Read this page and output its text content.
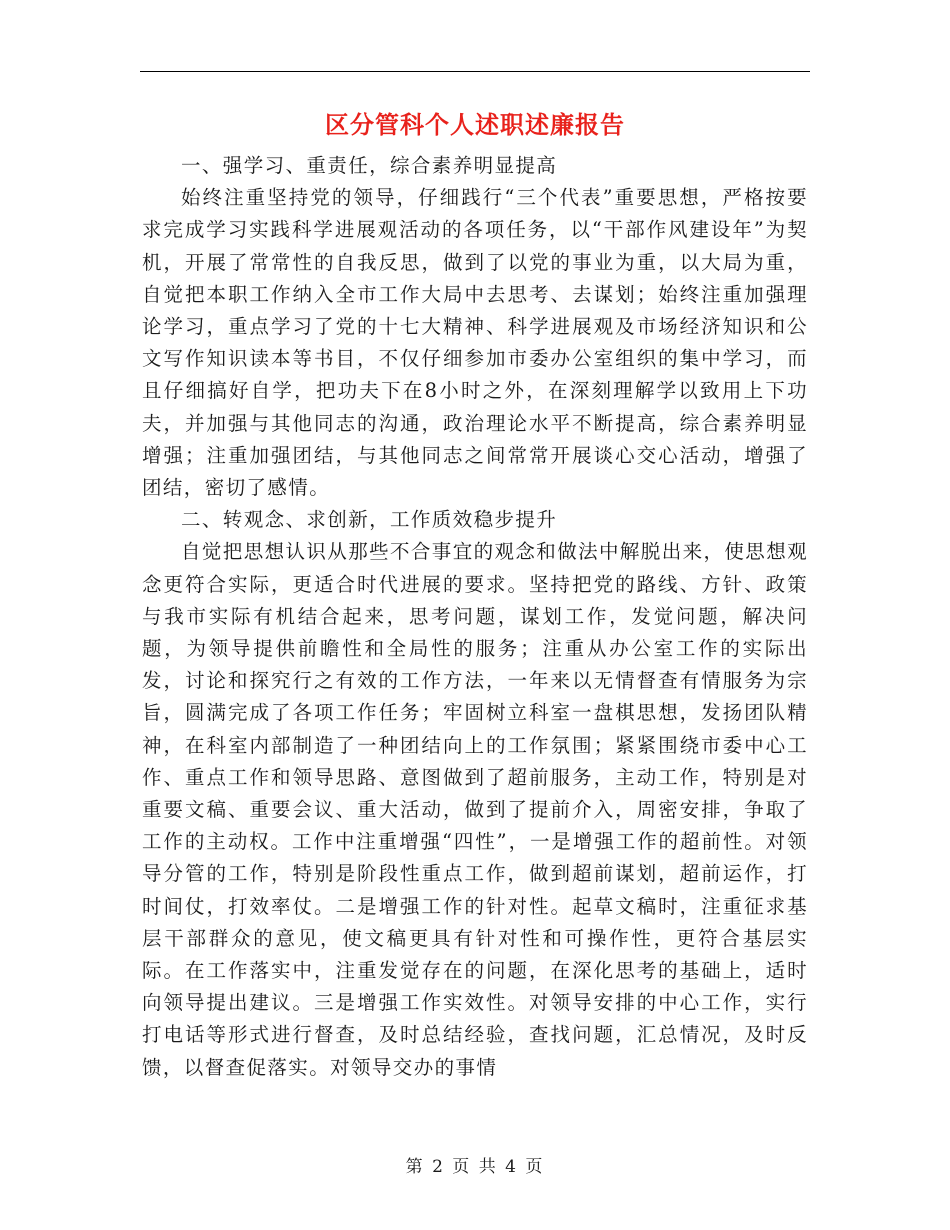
区分管科个人述职述廉报告

一、强学习、重责任，综合素养明显提高

始终注重坚持党的领导，仔细践行“三个代表”重要思想，严格按要求完成学习实践科学进展观活动的各项任务，以“干部作风建设年”为契机，开展了常常性的自我反思，做到了以党的事业为重，以大局为重，自觉把本职工作纳入全市工作大局中去思考、去谋划；始终注重加强理论学习，重点学习了党的十七大精神、科学进展观及市场经济知识和公文写作知识读本等书目，不仅仔细参加市委办公室组织的集中学习，而且仔细搞好自学，把功夫下在8小时之外，在深刻理解学以致用上下功夫，并加强与其他同志的沟通，政治理论水平不断提高，综合素养明显增强；注重加强团结，与其他同志之间常常开展谈心交心活动，增强了团结，密切了感情。

二、转观念、求创新，工作质效稳步提升

自觉把思想认识从那些不合事宜的观念和做法中解脱出来，使思想观念更符合实际，更适合时代进展的要求。坚持把党的路线、方针、政策与我市实际有机结合起来，思考问题，谋划工作，发觉问题，解决问题，为领导提供前瞻性和全局性的服务；注重从办公室工作的实际出发，讨论和探究行之有效的工作方法，一年来以无情督查有情服务为宗旨，圆满完成了各项工作任务；牢固树立科室一盘棋思想，发扬团队精神，在科室内部制造了一种团结向上的工作氛围；紧紧围绕市委中心工作、重点工作和领导思路、意图做到了超前服务，主动工作，特别是对重要文稿、重要会议、重大活动，做到了提前介入，周密安排，争取了工作的主动权。工作中注重增强“四性”，一是增强工作的超前性。对领导分管的工作，特别是阶段性重点工作，做到超前谋划，超前运作，打时间仗，打效率仗。二是增强工作的针对性。起草文稿时，注重征求基层干部群众的意见，使文稿更具有针对性和可操作性，更符合基层实际。在工作落实中，注重发觉存在的问题，在深化思考的基础上，适时向领导提出建议。三是增强工作实效性。对领导安排的中心工作，实行打电话等形式进行督查，及时总结经验，查找问题，汇总情况，及时反馈，以督查促落实。对领导交办的事情

第 2 页 共 4 页
